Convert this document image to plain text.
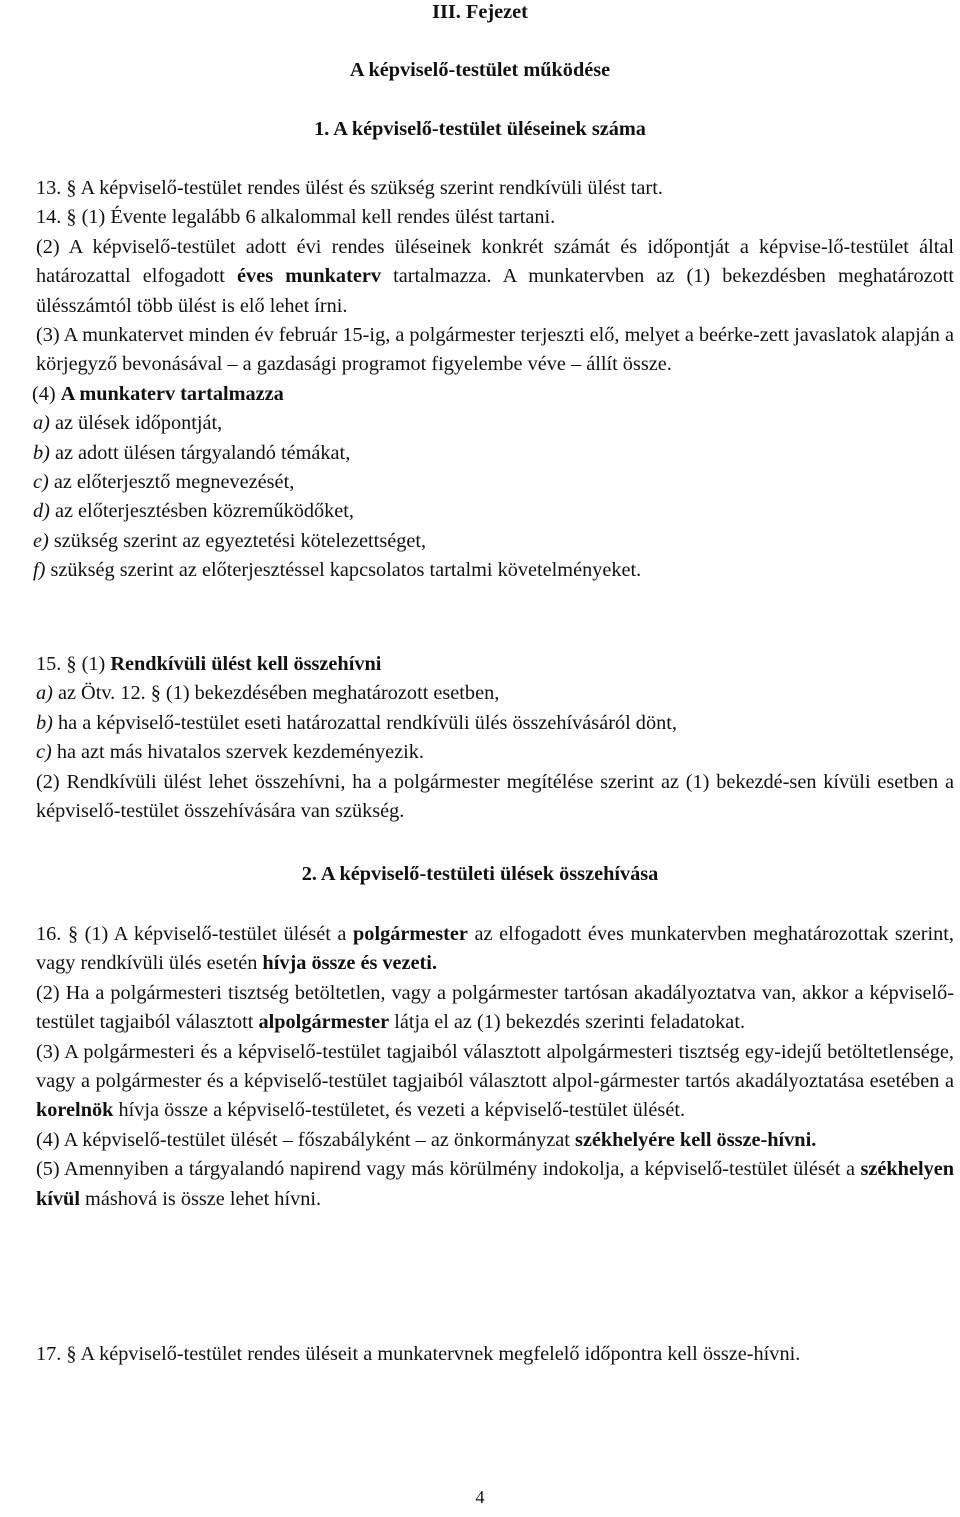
III. Fejezet
A képviselő-testület működése
1. A képviselő-testület üléseinek száma
13. § A képviselő-testület rendes ülést és szükség szerint rendkívüli ülést tart.
14. § (1) Évente legalább 6 alkalommal kell rendes ülést tartani.
(2) A képviselő-testület adott évi rendes üléseinek konkrét számát és időpontját a képvise-lő-testület által határozattal elfogadott éves munkaterv tartalmazza. A munkatervben az (1) bekezdésben meghatározott ülésszámtól több ülést is elő lehet írni.
(3) A munkatervet minden év február 15-ig, a polgármester terjeszti elő, melyet a beérke-zett javaslatok alapján a körjegyző bevonásával – a gazdasági programot figyelembe véve – állít össze.
(4) A munkaterv tartalmazza
a) az ülések időpontját,
b) az adott ülésen tárgyalandó témákat,
c) az előterjesztő megnevezését,
d) az előterjesztésben közreműködőket,
e) szükség szerint az egyeztetési kötelezettséget,
f) szükség szerint az előterjesztéssel kapcsolatos tartalmi követelményeket.
15. § (1) Rendkívüli ülést kell összehívni
a) az Ötv. 12. § (1) bekezdésében meghatározott esetben,
b) ha a képviselő-testület eseti határozattal rendkívüli ülés összehívásáról dönt,
c) ha azt más hivatalos szervek kezdeményezik.
(2) Rendkívüli ülést lehet összehívni, ha a polgármester megítélése szerint az (1) bekezdé-sen kívüli esetben a képviselő-testület összehívására van szükség.
2. A képviselő-testületi ülések összehívása
16. § (1) A képviselő-testület ülését a polgármester az elfogadott éves munkatervben meghatározottak szerint, vagy rendkívüli ülés esetén hívja össze és vezeti.
(2) Ha a polgármesteri tisztség betöltetlen, vagy a polgármester tartósan akadályoztatva van, akkor a képviselő-testület tagjaiból választott alpolgármester látja el az (1) bekezdés szerinti feladatokat.
(3) A polgármesteri és a képviselő-testület tagjaiból választott alpolgármesteri tisztség egy-idejű betöltetlensége, vagy a polgármester és a képviselő-testület tagjaiból választott alpol-gármester tartós akadályoztatása esetében a korelnök hívja össze a képviselő-testületet, és vezeti a képviselő-testület ülését.
(4) A képviselő-testület ülését – főszabályként – az önkormányzat székhelyére kell össze-hívni.
(5) Amennyiben a tárgyalandó napirend vagy más körülmény indokolja, a képviselő-testület ülését a székhelyen kívül máshová is össze lehet hívni.
17. § A képviselő-testület rendes üléseit a munkatervnek megfelelő időpontra kell össze-hívni.
4
